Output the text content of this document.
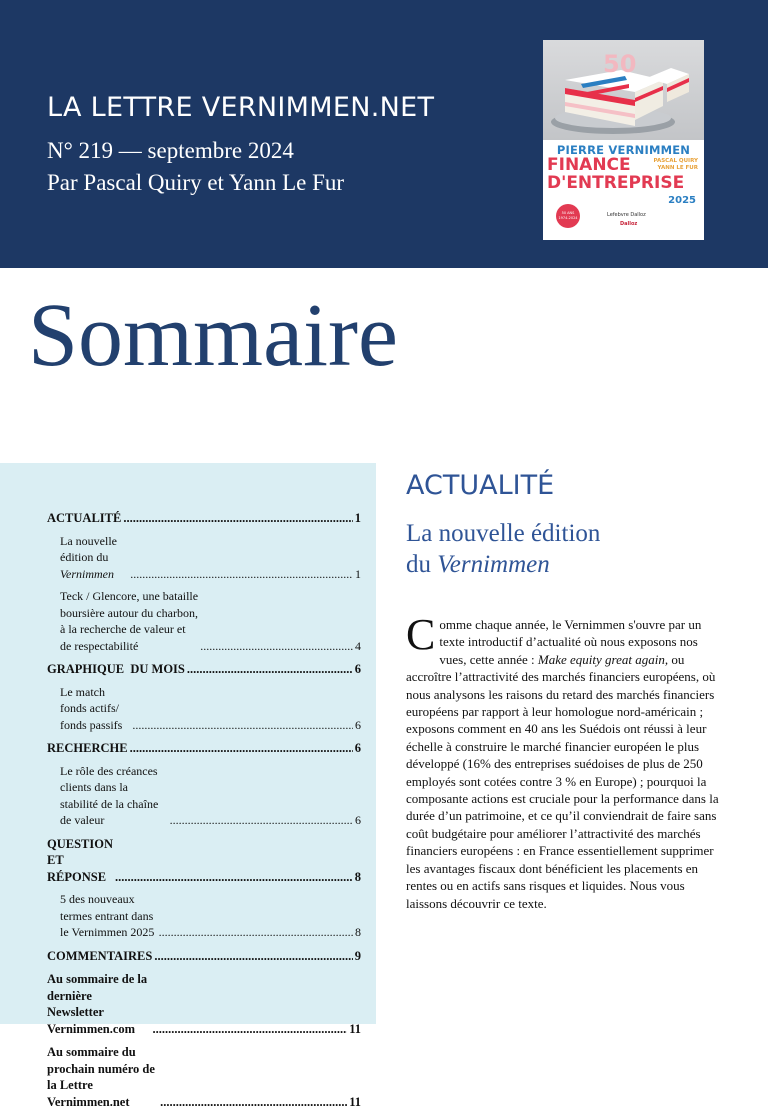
LA LETTRE VERNIMMEN.NET
N° 219 — septembre 2024
Par Pascal Quiry et Yann Le Fur
50
PIERRE VERNIMMEN
FINANCE
D'ENTREPRISE
PASCAL QUIRY
YANN LE FUR
2025
50 ANS 1974-2024	Lefebvre Dalloz
Dalloz
Sommaire
ACTUALITÉ .....	1
La nouvelle édition du Vernimmen .....	1
Teck / Glencore, une bataille boursière autour du charbon, à la recherche de valeur et de respectabilité .....	4
GRAPHIQUE  DU MOIS .....	6
Le match fonds actifs/ fonds passifs .....	6
RECHERCHE .....	6
Le rôle des créances clients dans la stabilité de la chaîne de valeur .....	6
QUESTION ET RÉPONSE .....	8
5 des nouveaux termes entrant dans le Vernimmen 2025 .....	8
COMMENTAIRES .....	9
Au sommaire de la dernière Newsletter Vernimmen.com .....	11
Au sommaire du prochain numéro de la Lettre Vernimmen.net .....	11
ACTUALITÉ
La nouvelle édition
du Vernimmen
Comme chaque année, le Vernimmen s'ouvre par un texte introductif d’actualité où nous exposons nos vues, cette année : Make equity great again, ou accroître l’attractivité des marchés financiers européens, où nous analysons les raisons du retard des marchés financiers européens par rapport à leur homologue nord-américain ; exposons comment en 40 ans les Suédois ont réussi à leur échelle à construire le marché financier européen le plus développé (16% des entreprises suédoises de plus de 250 employés sont cotées contre 3 % en Europe) ; pourquoi la composante actions est cruciale pour la performance dans la durée d’un patrimoine, et ce qu’il conviendrait de faire sans coût budgétaire pour améliorer l’attractivité des marchés financiers européens : en France essentiellement supprimer les avantages fiscaux dont bénéficient les placements en rentes ou en actifs sans risques et liquides. Nous vous laissons découvrir ce texte.
